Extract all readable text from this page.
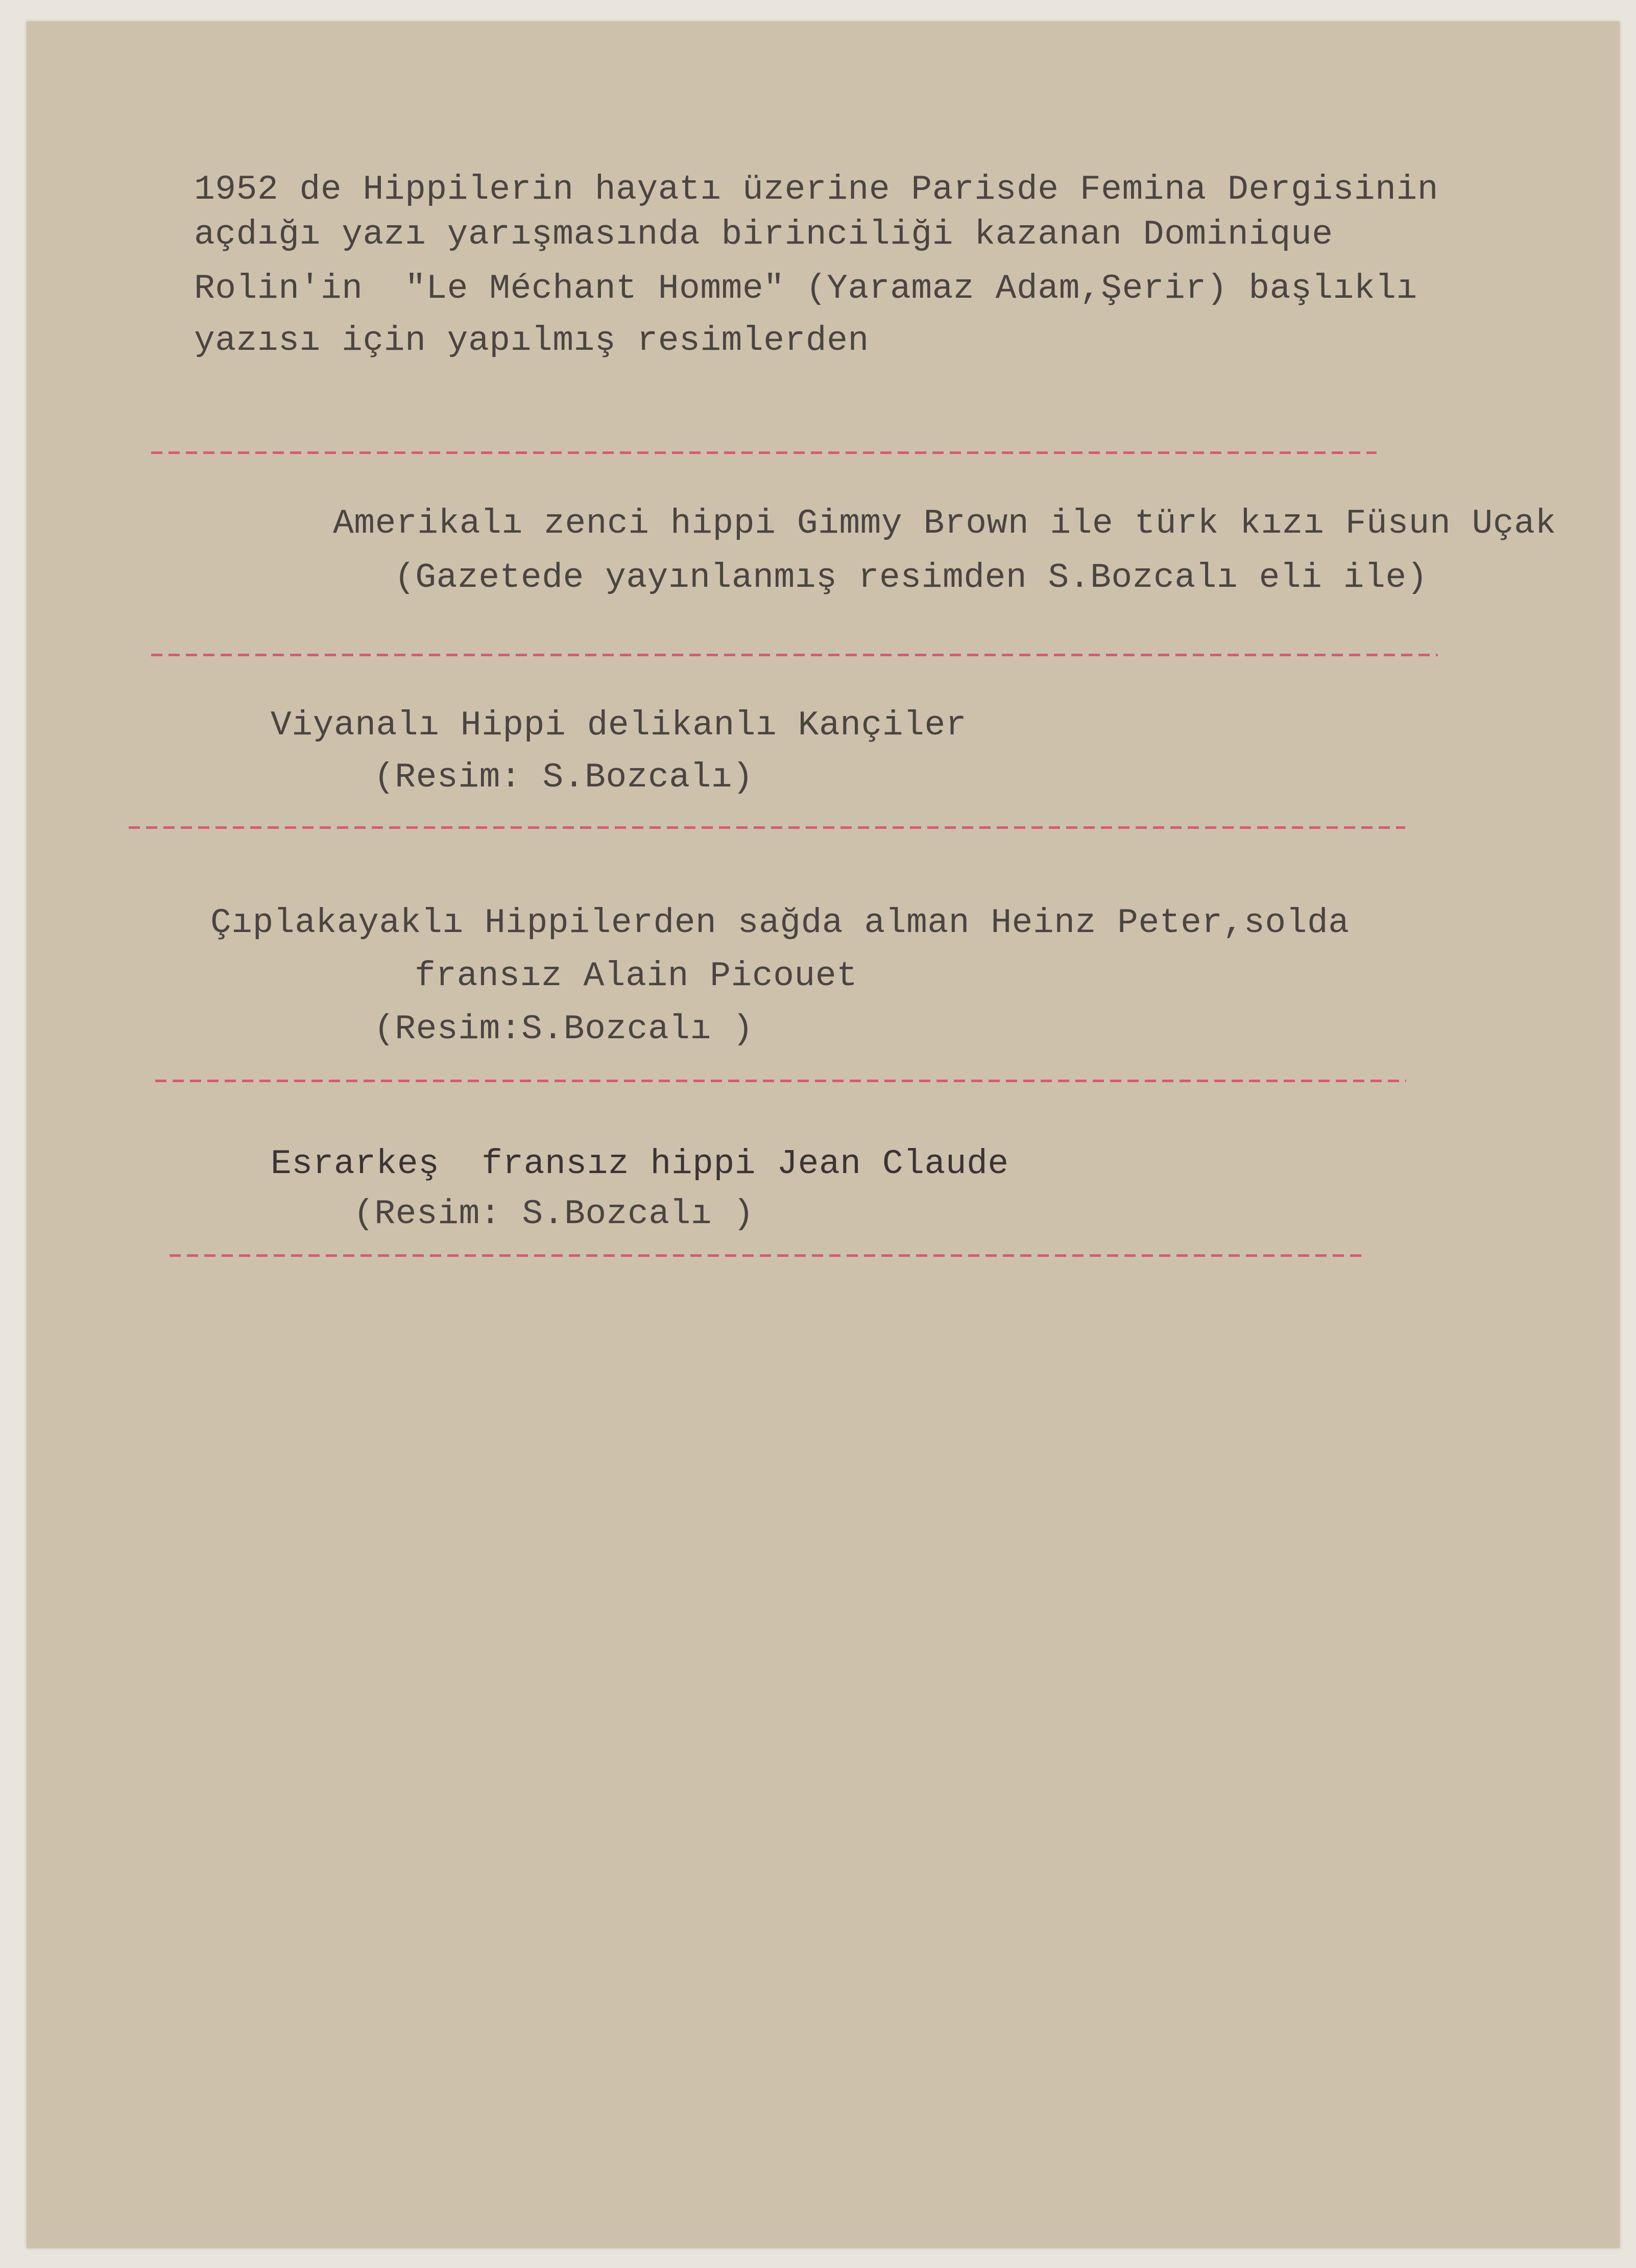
1952 de Hippilerin hayatı üzerine Parisde Femina Dergisinin
açdığı yazı yarışmasında birinciliği kazanan Dominique
Rolin'in  "Le Méchant Homme" (Yaramaz Adam,Şerir) başlıklı
yazısı için yapılmış resimlerden
Amerikalı zenci hippi Gimmy Brown ile türk kızı Füsun Uçak
(Gazetede yayınlanmış resimden S.Bozcalı eli ile)
Viyanalı Hippi delikanlı Kançiler
(Resim: S.Bozcalı)
Çıplakayaklı Hippilerden sağda alman Heinz Peter,solda
fransız Alain Picouet
(Resim:S.Bozcalı )
Esrarkeş  fransız hippi Jean Claude
(Resim: S.Bozcalı )
